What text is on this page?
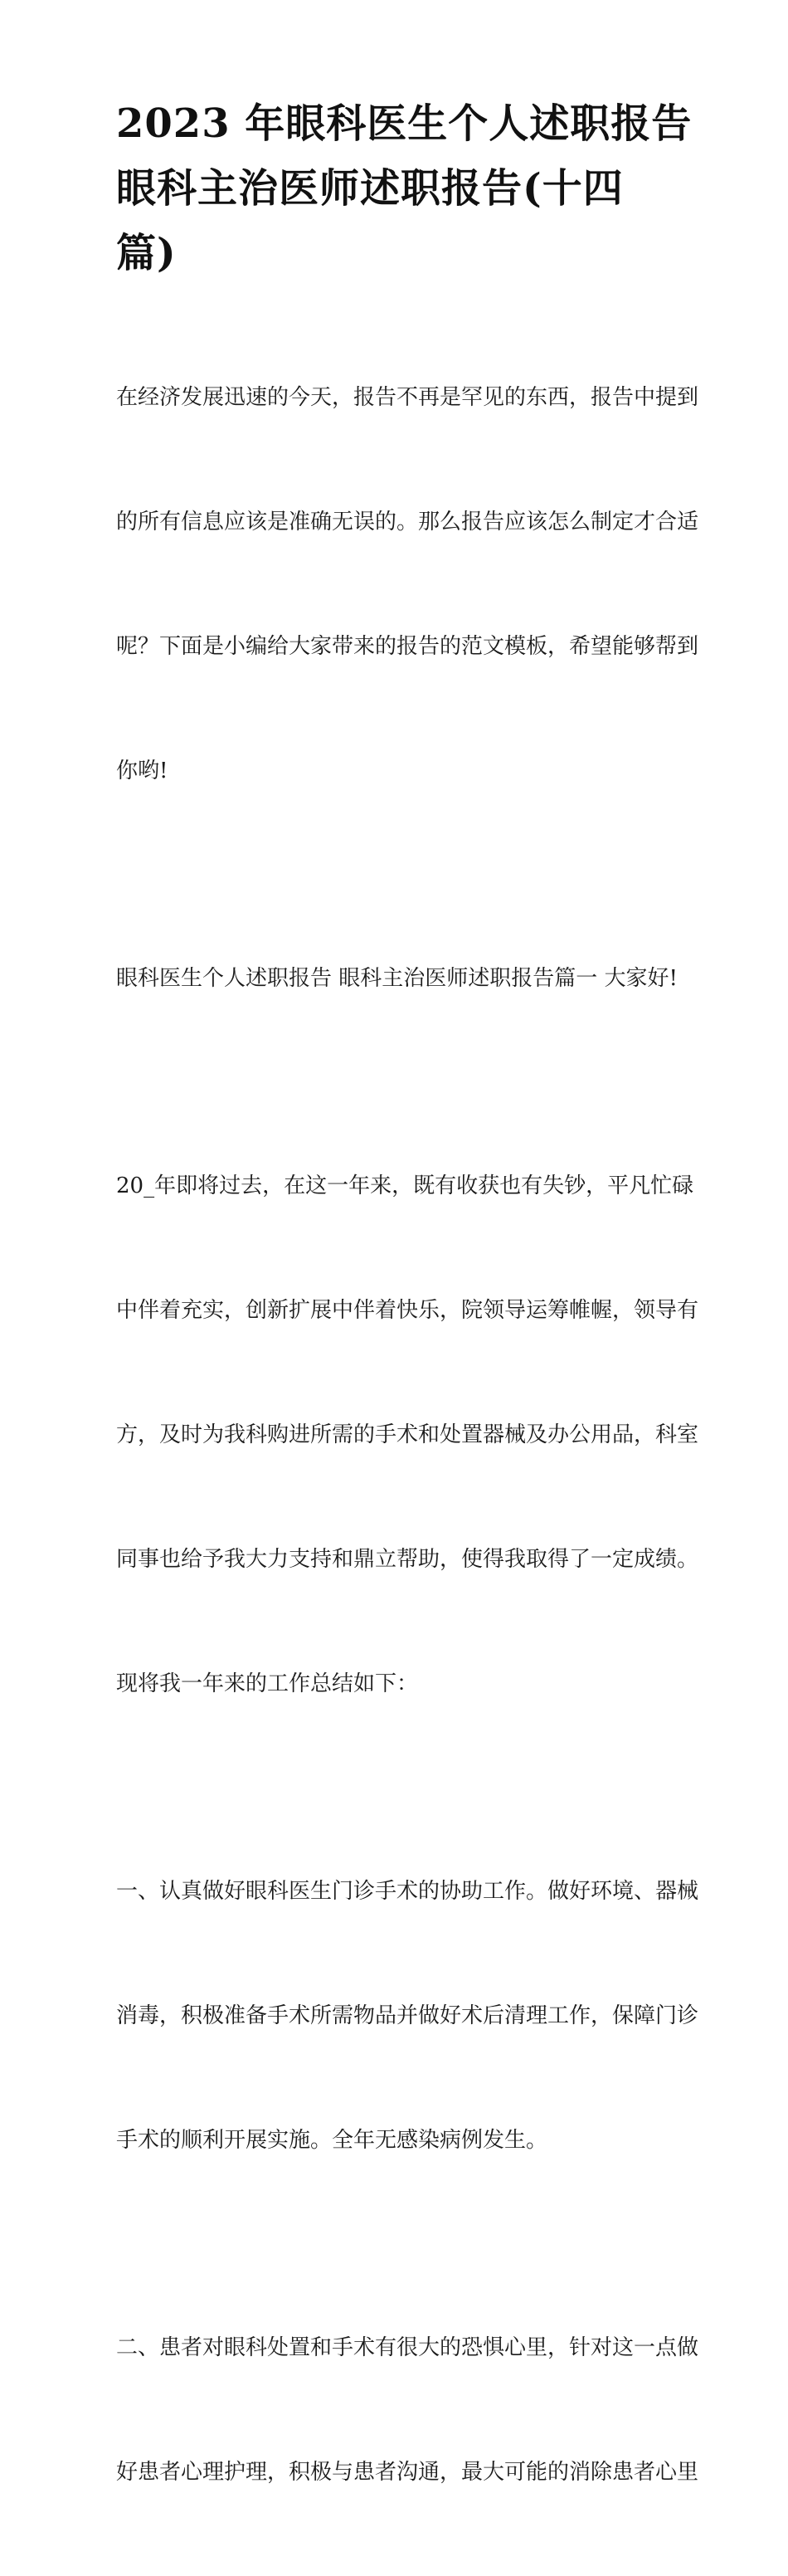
2023 年眼科医生个人述职报告
眼科主治医师述职报告(十四
篇)

在经济发展迅速的今天，报告不再是罕见的东西，报告中提到

的所有信息应该是准确无误的。那么报告应该怎么制定才合适

呢？下面是小编给大家带来的报告的范文模板，希望能够帮到

你哟!

眼科医生个人述职报告 眼科主治医师述职报告篇一 大家好!

20_年即将过去，在这一年来，既有收获也有失钞，平凡忙碌

中伴着充实，创新扩展中伴着快乐，院领导运筹帷幄，领导有

方，及时为我科购进所需的手术和处置器械及办公用品，科室

同事也给予我大力支持和鼎立帮助，使得我取得了一定成绩。

现将我一年来的工作总结如下：

一、认真做好眼科医生门诊手术的协助工作。做好环境、器械

消毒，积极准备手术所需物品并做好术后清理工作，保障门诊

手术的顺利开展实施。全年无感染病例发生。

二、患者对眼科处置和手术有很大的恐惧心里，针对这一点做

好患者心理护理，积极与患者沟通，最大可能的消除患者心里
